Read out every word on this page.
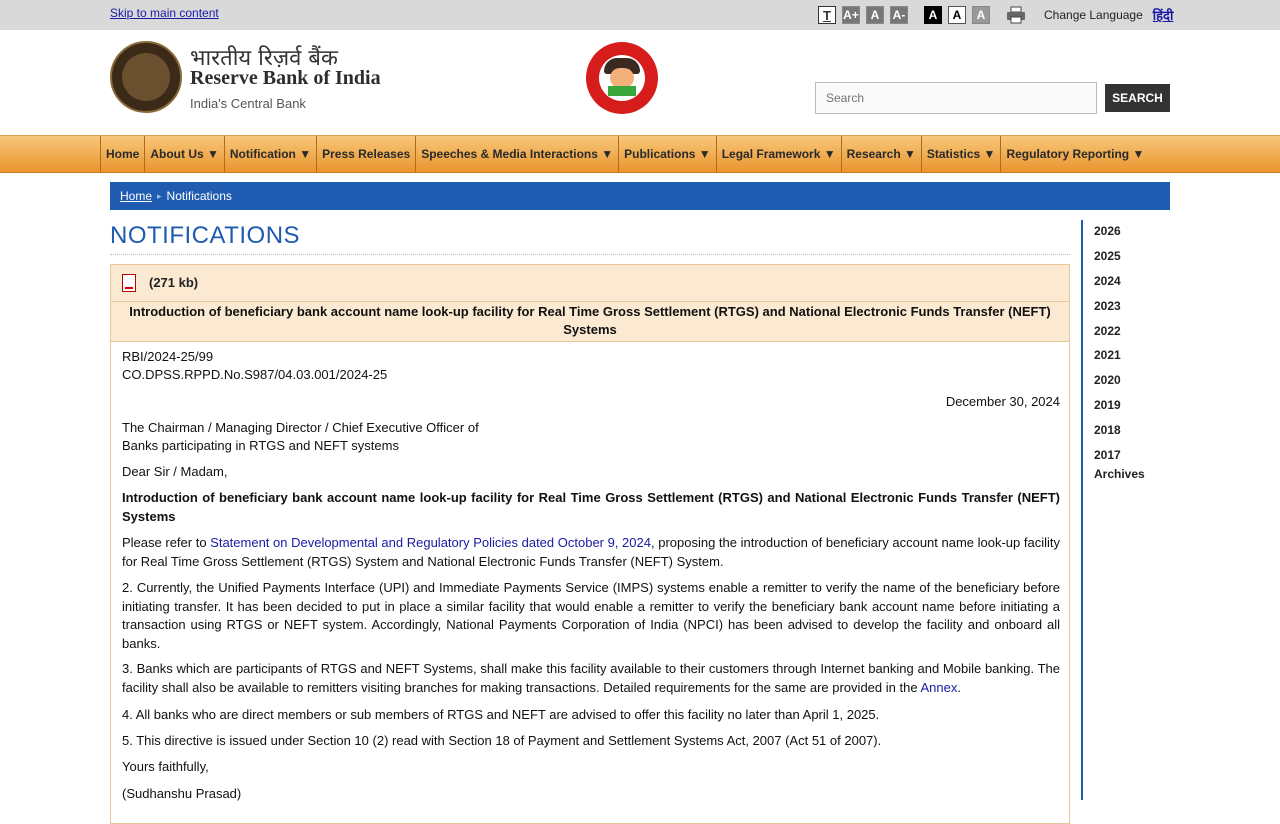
Skip to main content	T	A+ A	A-	A	A	A	Change Language हिंदी
भारतीय रिज़र्व बैंक
Reserve Bank of India
India's Central Bank
Search	SEARCH
Home About Us ▼ Notification ▼ Press Releases Speeches & Media Interactions ▼ Publications ▼ Legal Framework ▼ Research ▼ Statistics ▼ Regulatory Reporting ▼
Home ▸ Notifications
NOTIFICATIONS
(271 kb)
Introduction of beneficiary bank account name look-up facility for Real Time Gross Settlement (RTGS) and National Electronic Funds Transfer (NEFT) Systems

RBI/2024-25/99

CO.DPSS.RPPD.No.S987/04.03.001/2024-25

December 30, 2024

The Chairman / Managing Director / Chief Executive Officer of

Banks participating in RTGS and NEFT systems

Dear Sir / Madam,

Introduction of beneficiary bank account name look-up facility for Real Time Gross Settlement (RTGS) and National Electronic Funds Transfer (NEFT) Systems

Please refer to Statement on Developmental and Regulatory Policies dated October 9, 2024, proposing the introduction of beneficiary account name look-up facility for Real Time Gross Settlement (RTGS) System and National Electronic Funds Transfer (NEFT) System.

2. Currently, the Unified Payments Interface (UPI) and Immediate Payments Service (IMPS) systems enable a remitter to verify the name of the beneficiary before initiating transfer. It has been decided to put in place a similar facility that would enable a remitter to verify the beneficiary bank account name before initiating a transaction using RTGS or NEFT system. Accordingly, National Payments Corporation of India (NPCI) has been advised to develop the facility and onboard all banks.

3. Banks which are participants of RTGS and NEFT Systems, shall make this facility available to their customers through Internet banking and Mobile banking. The facility shall also be available to remitters visiting branches for making transactions. Detailed requirements for the same are provided in the Annex.

4. All banks who are direct members or sub members of RTGS and NEFT are advised to offer this facility no later than April 1, 2025.

5. This directive is issued under Section 10 (2) read with Section 18 of Payment and Settlement Systems Act, 2007 (Act 51 of 2007).

Yours faithfully,

(Sudhanshu Prasad)

2026
2025
2024
2023
2022
2021
2020
2019
2018
2017
Archives
